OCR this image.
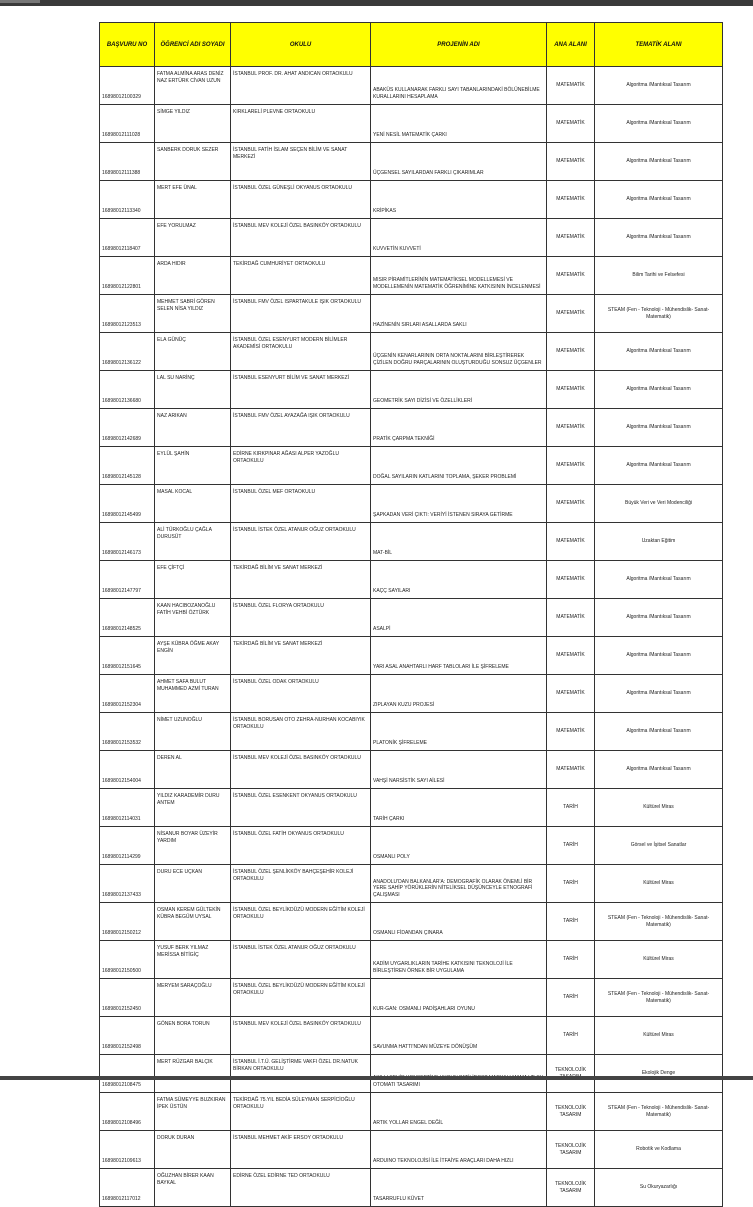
BAŞVURU NO	ÖĞRENCİ ADI SOYADI	OKULU	PROJENİN ADI	ANA ALANI	TEMATİK ALANI
16898012100329	FATMA ALMİNA ARAS DENİZ NAZ ERTÜRK CİVAN UZUN	İSTANBUL PROF. DR. AHAT ANDICAN ORTAOKULU	ABAKÜS KULLANARAK FARKLI SAYI TABANLARINDAKİ BÖLÜNEBİLME KURALLARINI HESAPLAMA	MATEMATİK	Algoritma /Mantıksal Tasarım
16898012111028	SİMGE YILDIZ	KIRKLARELİ PLEVNE ORTAOKULU	YENİ NESİL MATEMATİK ÇARKI	MATEMATİK	Algoritma /Mantıksal Tasarım
16898012111388	SANBERK DORUK SEZER	İSTANBUL FATİH İSLAM SEÇEN BİLİM VE SANAT MERKEZİ	ÜÇGENSEL SAYILARDAN FARKLI ÇIKARIMLAR	MATEMATİK	Algoritma /Mantıksal Tasarım
16898012113340	MERT EFE ÜNAL	İSTANBUL ÖZEL GÜNEŞLİ OKYANUS ORTAOKULU	KRİPİKAS	MATEMATİK	Algoritma /Mantıksal Tasarım
16898012118407	EFE YORULMAZ	İSTANBUL MEV KOLEJİ ÖZEL BASINKÖY ORTAOKULU	KUVVETİN KUVVETİ	MATEMATİK	Algoritma /Mantıksal Tasarım
16898012122801	ARDA HIDIR	TEKİRDAĞ CUMHURİYET ORTAOKULU	MISIR PİRAMİTLERİNİN MATEMATİKSEL MODELLEMESİ VE MODELLEMENİN MATEMATİK ÖĞRENİMİNE KATKISININ İNCELENMESİ	MATEMATİK	Bilim Tarihi ve Felsefesi
16898012123513	MEHMET SABRİ GÖREN SELEN NİSA YILDIZ	İSTANBUL FMV ÖZEL ISPARTAKULE IŞIK ORTAOKULU	HAZİNENİN SIRLARI ASALLARDA SAKLI	MATEMATİK	STEAM (Fen - Teknoloji - Mühendislik- Sanat- Matematik)
16898012136122	ELA GÜNÜÇ	İSTANBUL ÖZEL ESENYURT MODERN BİLİMLER AKADEMİSİ ORTAOKULU	ÜÇGENİN KENARLARININ ORTA NOKTALARINI BİRLEŞTİREREK ÇİZİLEN DOĞRU PARÇALARININ OLUŞTURDUĞU SONSUZ ÜÇGENLER	MATEMATİK	Algoritma /Mantıksal Tasarım
16898012136680	LAL SU NARİNÇ	İSTANBUL ESENYURT BİLİM VE SANAT MERKEZİ	GEOMETRİK SAYI DİZİSİ VE ÖZELLİKLERİ	MATEMATİK	Algoritma /Mantıksal Tasarım
16898012142689	NAZ ARIKAN	İSTANBUL FMV ÖZEL AYAZAĞA IŞIK ORTAOKULU	PRATİK ÇARPMA TEKNİĞİ	MATEMATİK	Algoritma /Mantıksal Tasarım
16898012145128	EYLÜL ŞAHİN	EDİRNE KIRKPINAR AĞASI ALPER YAZOĞLU ORTAOKULU	DOĞAL SAYILARIN KATLARINI TOPLAMA, ŞEKER PROBLEMİ	MATEMATİK	Algoritma /Mantıksal Tasarım
16898012145499	MASAL KOCAL	İSTANBUL ÖZEL MEF ORTAOKULU	ŞAPKADAN VERİ ÇIKTI: VERİYİ İSTENEN SIRAYA GETİRME	MATEMATİK	Büyük Veri ve Veri Modenciliği
16898012146173	ALİ TÜRKOĞLU ÇAĞLA DURUSÜT	İSTANBUL İSTEK ÖZEL ATANUR OĞUZ ORTAOKULU	MAT-BİL	MATEMATİK	Uzaktan Eğitim
16898012147797	EFE ÇİFTÇİ	TEKİRDAĞ BİLİM VE SANAT MERKEZİ	KAÇÇ SAYILARI	MATEMATİK	Algoritma /Mantıksal Tasarım
16898012148525	KAAN HACIBOZANOĞLU FATİH VEHBİ ÖZTÜRK	İSTANBUL ÖZEL FLORYA ORTAOKULU	ASALPİ	MATEMATİK	Algoritma /Mantıksal Tasarım
16898012151645	AYŞE KÜBRA ÖĞME AKAY ENGİN	TEKİRDAĞ BİLİM VE SANAT MERKEZİ	YARI ASAL ANAHTARLI HARF TABLOLARI İLE ŞİFRELEME	MATEMATİK	Algoritma /Mantıksal Tasarım
16898012152304	AHMET SAFA BULUT MUHAMMED AZMİ TURAN	İSTANBUL ÖZEL ODAK ORTAOKULU	ZIPLAYAN KUZU PROJESİ	MATEMATİK	Algoritma /Mantıksal Tasarım
16898012153532	NİMET UZUNOĞLU	İSTANBUL BORUSAN OTO ZEHRA-NURHAN KOCABIYIK ORTAOKULU	PLATONİK ŞİFRELEME	MATEMATİK	Algoritma /Mantıksal Tasarım
16898012154004	DEREN AL	İSTANBUL MEV KOLEJİ ÖZEL BASINKÖY ORTAOKULU	VAHŞİ NARSİSTİK SAYI AİLESİ	MATEMATİK	Algoritma /Mantıksal Tasarım
16898012114031	YILDIZ KARADEMİR DURU ANTEM	İSTANBUL ÖZEL ESENKENT OKYANUS ORTAOKULU	TARİH ÇARKI	TARİH	Kültürel Miras
16898012114299	NİSANUR BOYAR ÜZEYİR YARDIM	İSTANBUL ÖZEL FATİH OKYANUS ORTAOKULU	OSMANLI POLY	TARİH	Görsel ve İşitsel Sanatlar
16898012137433	DURU ECE UÇKAN	İSTANBUL ÖZEL ŞENLİKKÖY BAHÇEŞEHİR KOLEJİ ORTAOKULU	ANADOLU'DAN BALKANLAR'A: DEMOGRAFİK OLARAK ÖNEMLİ BİR YERE SAHİP YÖRÜKLERİN NİTELİKSEL DÜŞÜNCEYLE ETNOGRAFİ ÇALIŞMASI	TARİH	Kültürel Miras
16898012150212	OSMAN KEREM GÜLTEKİN KÜBRA BEGÜM UYSAL	İSTANBUL ÖZEL BEYLİKDÜZÜ MODERN EĞİTİM KOLEJİ ORTAOKULU	OSMANLI FİDANDAN ÇINARA	TARİH	STEAM (Fen - Teknoloji - Mühendislik- Sanat- Matematik)
16898012150500	YUSUF BERK YILMAZ MERİSSA BİTİGİÇ	İSTANBUL İSTEK ÖZEL ATANUR OĞUZ ORTAOKULU	KADİM UYGARLIKLARIN TARİHE KATKISINI TEKNOLOJİ İLE BİRLEŞTİREN ÖRNEK BİR UYGULAMA	TARİH	Kültürel Miras
16898012152450	MERYEM SARAÇOĞLU	İSTANBUL ÖZEL BEYLİKDÜZÜ MODERN EĞİTİM KOLEJİ ORTAOKULU	KUR-GAN: OSMANLI PADİŞAHLARI OYUNU	TARİH	STEAM (Fen - Teknoloji - Mühendislik- Sanat- Matematik)
16898012152498	GÖNEN BORA TORUN	İSTANBUL MEV KOLEJİ ÖZEL BASINKÖY ORTAOKULU	SAVUNMA HATTI'NDAN MÜZEYE DÖNÜŞÜM	TARİH	Kültürel Miras
16898012108475	MERT RÜZGAR BALÇIK	İSTANBUL İ.T.Ü. GELİŞTİRME VAKFI ÖZEL DR.NATUK BİRKAN ORTAOKULU	OTOMATI TASARIMI	TEKNOLOJİK	Ekolojik Denge
16898012108496	FATMA SÜMEYYE BUZKIRAN İPEK ÜSTÜN	TEKİRDAĞ 75.YIL BEDİA SÜLEYMAN SERPİCİOĞLU ORTAOKULU	ARTIK YOLLAR ENGEL DEĞİL	TEKNOLOJİK TASARIM	STEAM (Fen - Teknoloji - Mühendislik- Sanat- Matematik)
16898012109613	DORUK DURAN	İSTANBUL MEHMET AKİF ERSOY ORTAOKULU	ARDUINO TEKNOLOJİSİ İLE İTFAİYE ARAÇLARI DAHA HIZLI	TEKNOLOJİK TASARIM	Robotik ve Kodlama
16898012117012	OĞUZHAN BİRER KAAN BAYKAL	EDİRNE ÖZEL EDİRNE TED ORTAOKULU	TASARRUFLU KÜVET	TEKNOLOJİK TASARIM	Su Okuryazarlığı
